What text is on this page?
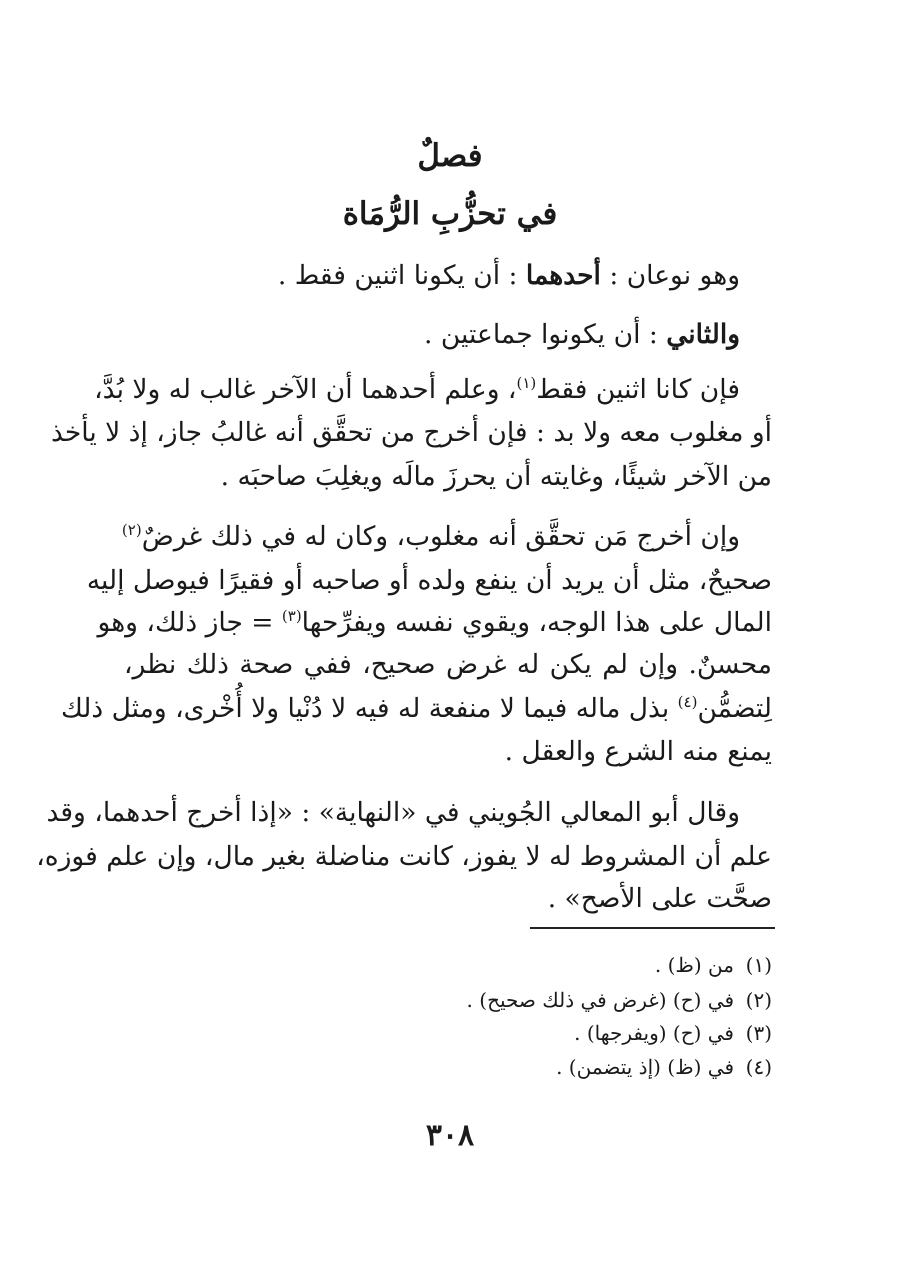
فصلٌ
في تحزُّبِ الرُّمَاة

وهو نوعان : أحدهما : أن يكونا اثنين فقط .

والثاني : أن يكونوا جماعتين .

فإن كانا اثنين فقط$^{(١)}$، وعلم أحدهما أن الآخر غالب له ولا بُدَّ،

أو مغلوب معه ولا بد : فإن أخرج من تحقَّق أنه غالبُ جاز، إذ لا يأخذ

من الآخر شيئًا، وغايته أن يحرزَ مالَه ويغلِبَ صاحبَه .

وإن أخرج مَن تحقَّق أنه مغلوب، وكان له في ذلك غرضٌ$^{(٢)}$

صحيحٌ، مثل أن يريد أن ينفع ولده أو صاحبه أو فقيرًا فيوصل إليه

المال على هذا الوجه، ويقوي نفسه ويفرِّحها$^{(٣)}$ = جاز ذلك، وهو

محسنٌ. وإن لم يكن له غرض صحيح، ففي صحة ذلك نظر،

لِتضمُّن$^{(٤)}$ بذل ماله فيما لا منفعة له فيه لا دُنْيا ولا أُخْرى، ومثل ذلك

يمنع منه الشرع والعقل .

وقال أبو المعالي الجُويني في «النهاية» : «إذا أخرج أحدهما، وقد

علم أن المشروط له لا يفوز، كانت مناضلة بغير مال، وإن علم فوزه،

صحَّت على الأصح» .

(١)من (ظ) .

(٢)في (ح) (غرض في ذلك صحيح) .

(٣)في (ح) (ويفرجها) .

(٤)في (ظ) (إذ يتضمن) .

٣٠٨
